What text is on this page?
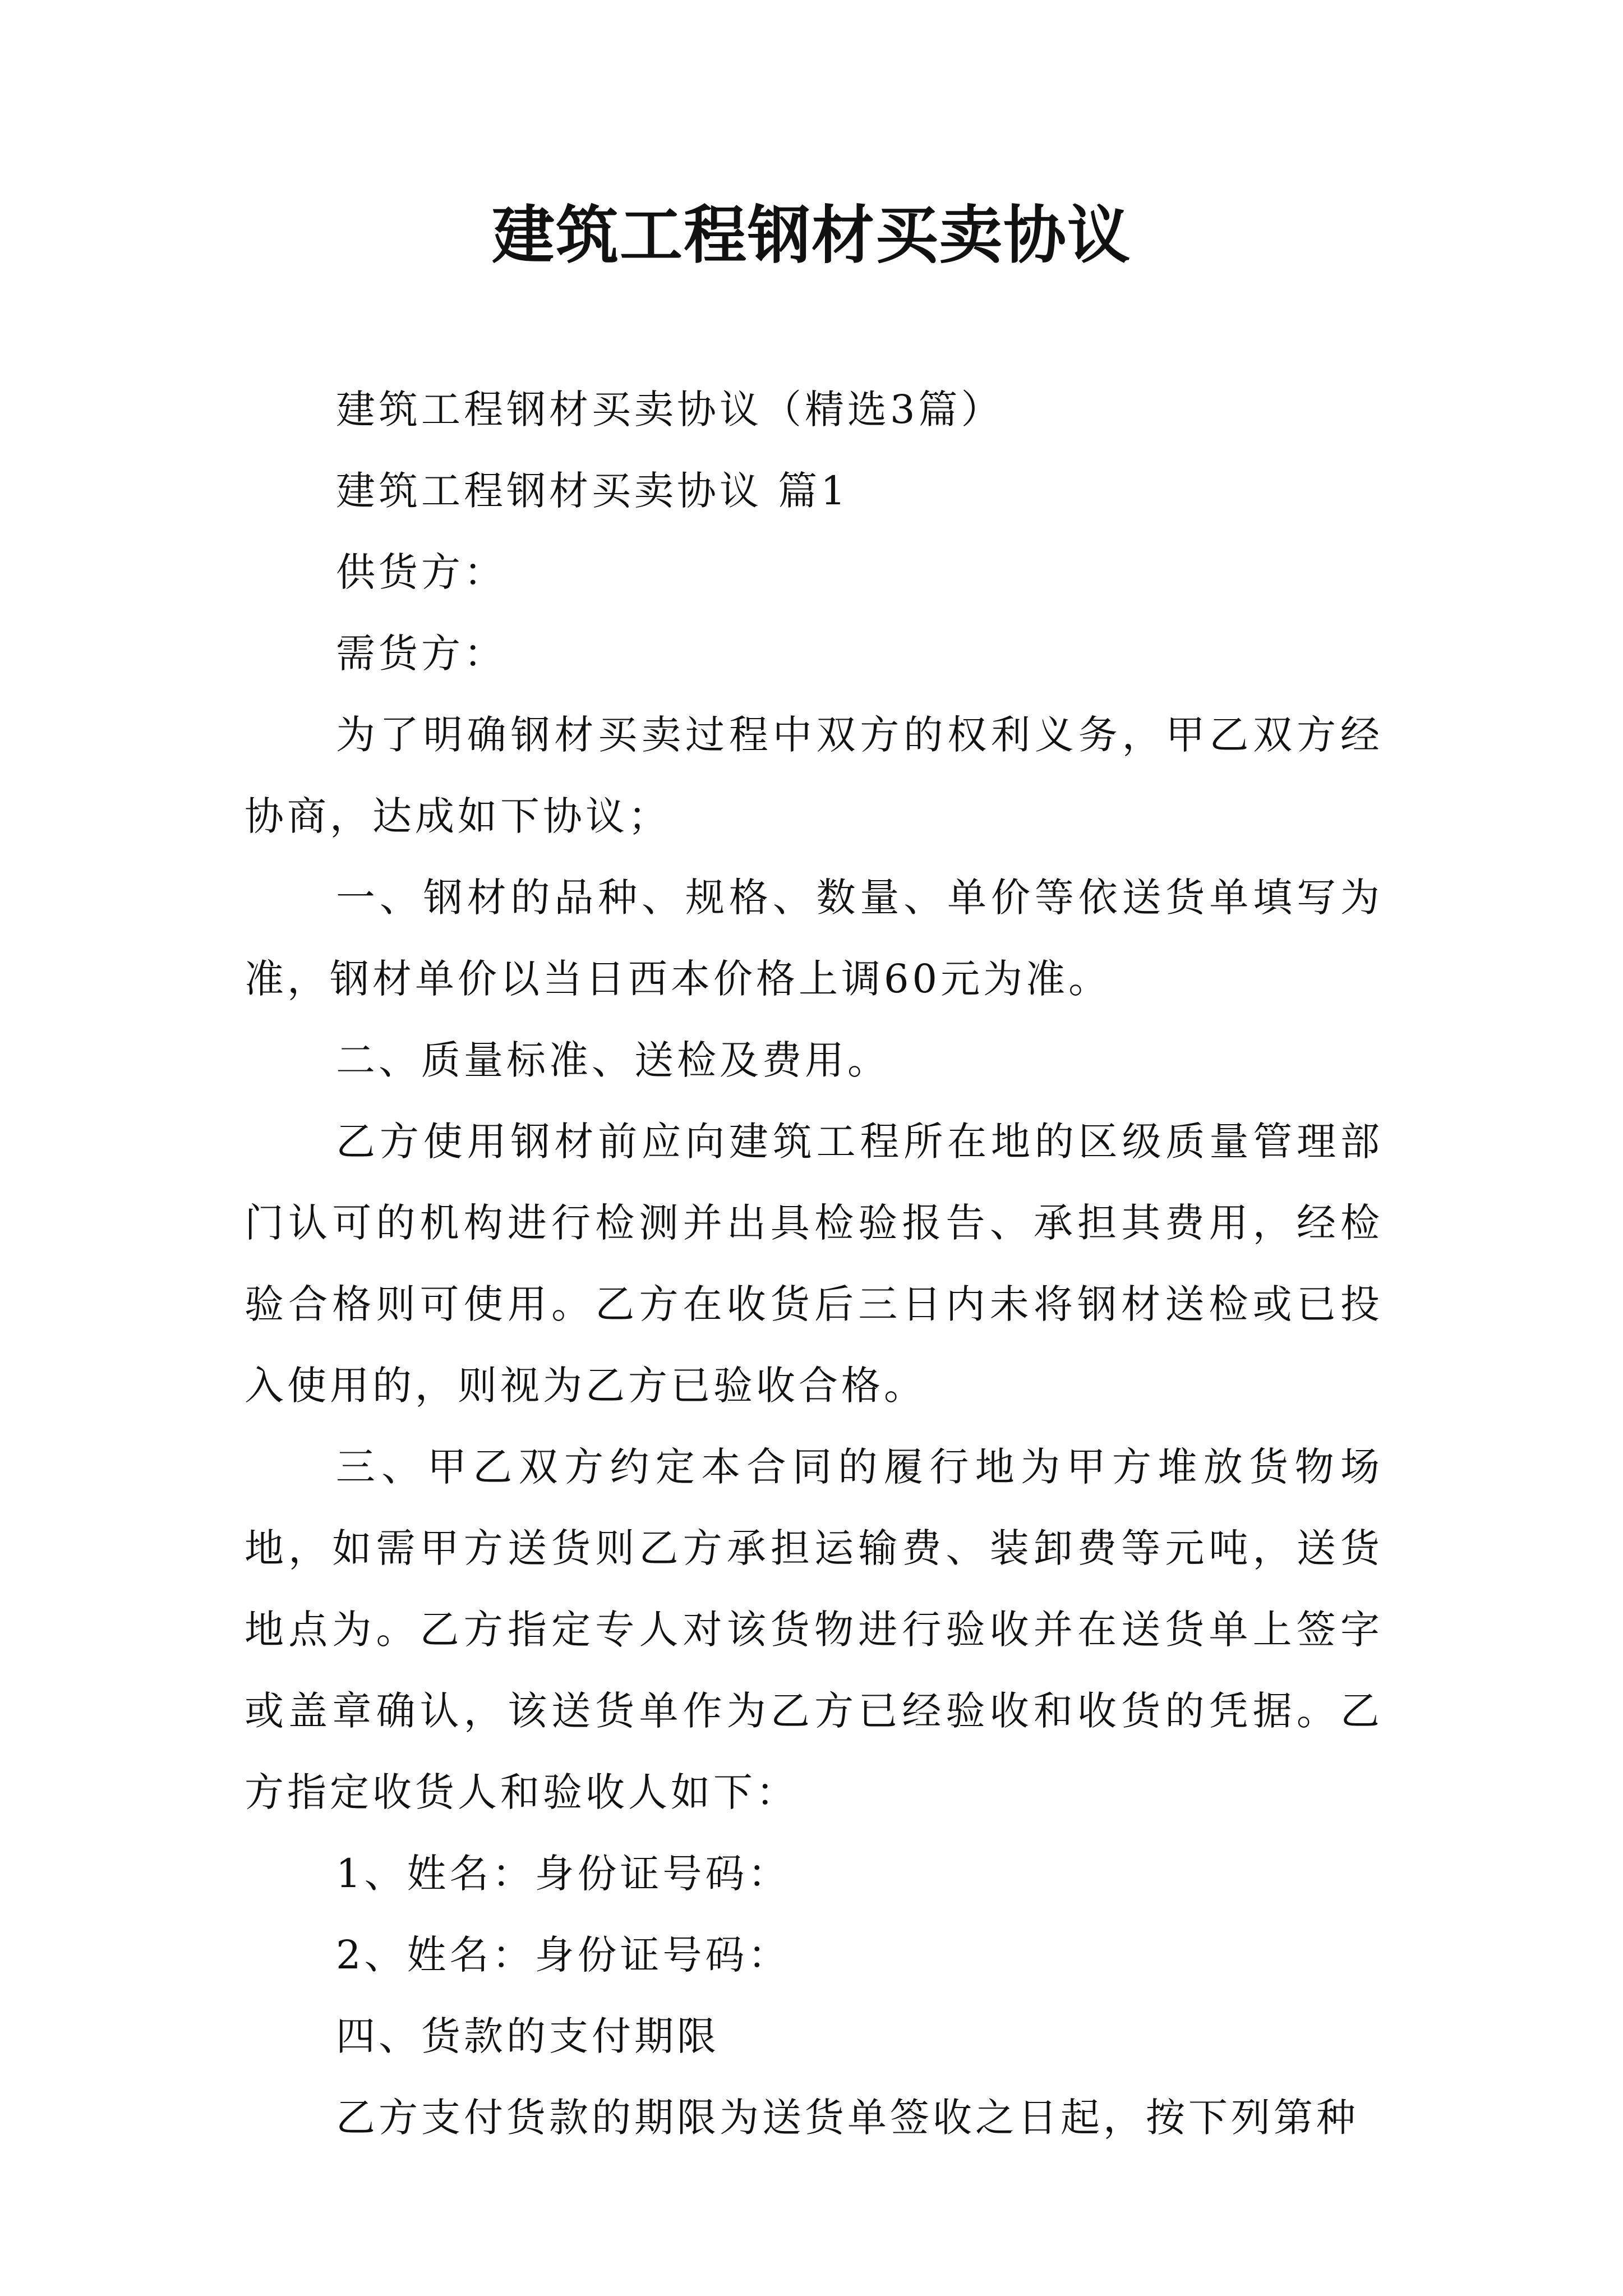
建筑工程钢材买卖协议

建筑工程钢材买卖协议（精选3篇）

建筑工程钢材买卖协议 篇1

供货方：

需货方：

为了明确钢材买卖过程中双方的权利义务，甲乙双方经协商，达成如下协议；

一、钢材的品种、规格、数量、单价等依送货单填写为准，钢材单价以当日西本价格上调60元为准。

二、质量标准、送检及费用。

乙方使用钢材前应向建筑工程所在地的区级质量管理部门认可的机构进行检测并出具检验报告、承担其费用，经检验合格则可使用。乙方在收货后三日内未将钢材送检或已投入使用的，则视为乙方已验收合格。

三、甲乙双方约定本合同的履行地为甲方堆放货物场地，如需甲方送货则乙方承担运输费、装卸费等元吨，送货地点为。乙方指定专人对该货物进行验收并在送货单上签字或盖章确认，该送货单作为乙方已经验收和收货的凭据。乙方指定收货人和验收人如下：

1、姓名：身份证号码：

2、姓名：身份证号码：

四、货款的支付期限

乙方支付货款的期限为送货单签收之日起，按下列第种
